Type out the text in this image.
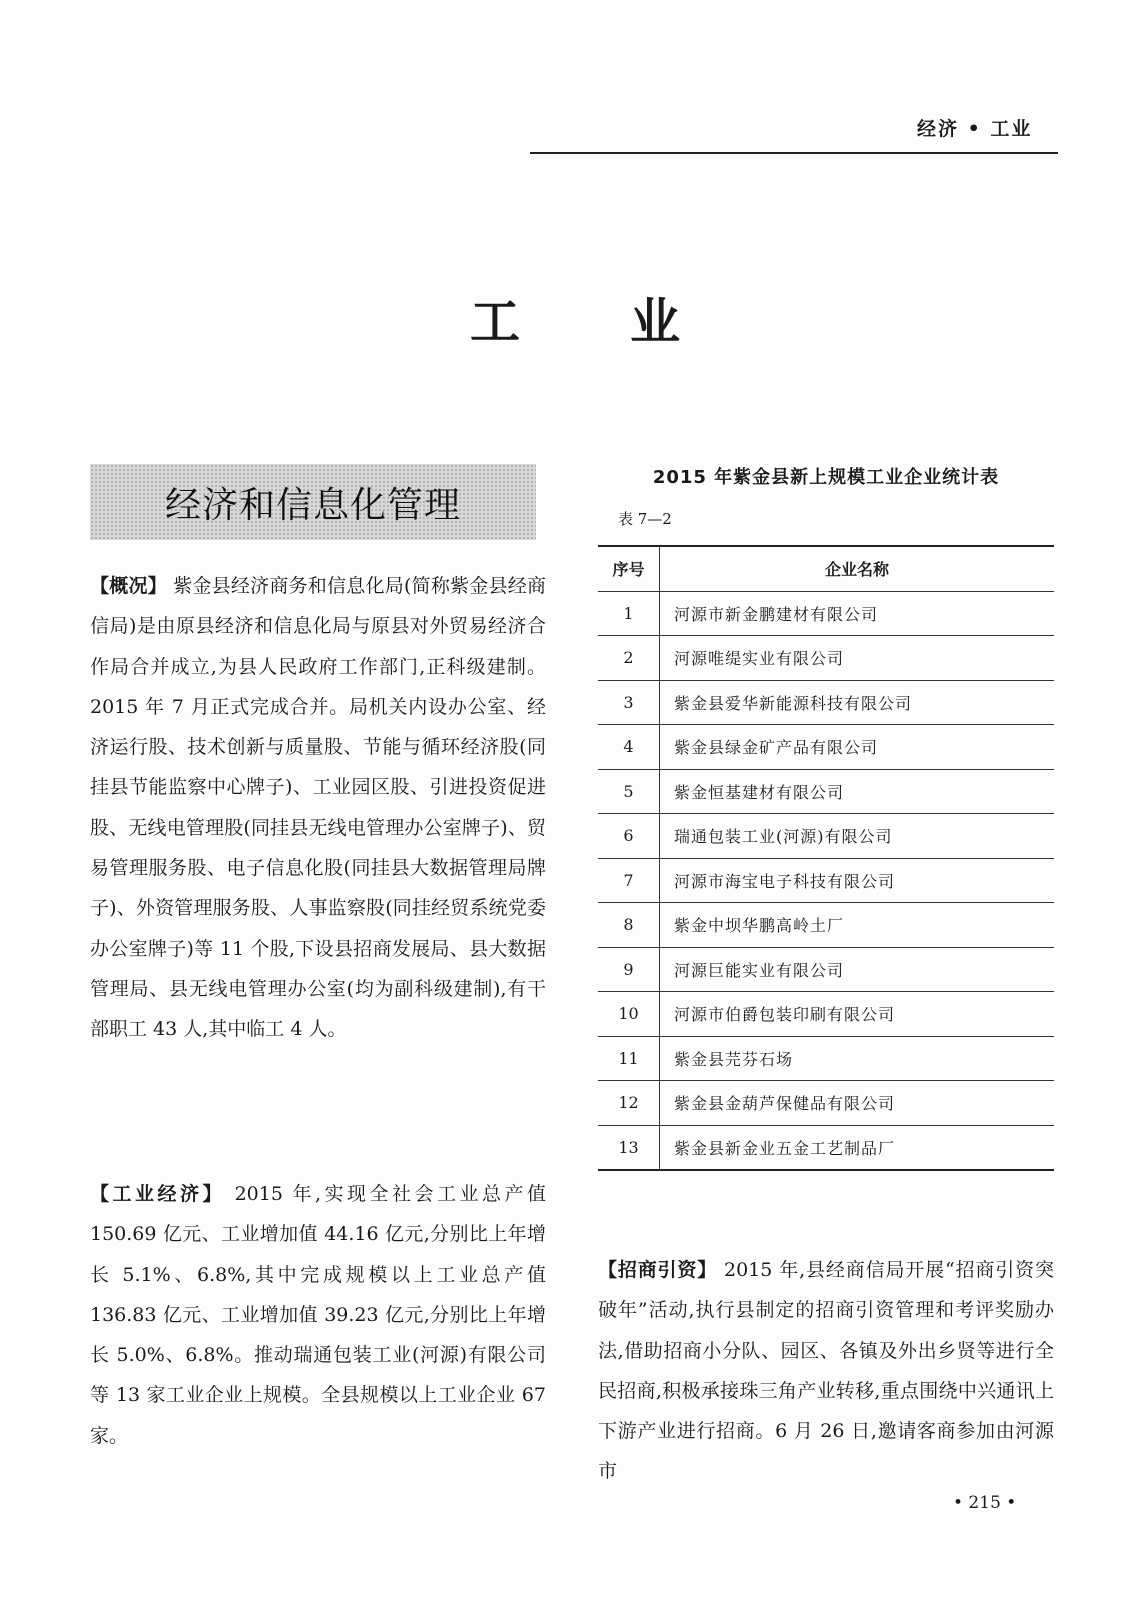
经济 • 工业
工 业
经济和信息化管理

【概况】 紫金县经济商务和信息化局(简称紫金县经商信局)是由原县经济和信息化局与原县对外贸易经济合作局合并成立,为县人民政府工作部门,正科级建制。2015 年 7 月正式完成合并。局机关内设办公室、经济运行股、技术创新与质量股、节能与循环经济股(同挂县节能监察中心牌子)、工业园区股、引进投资促进股、无线电管理股(同挂县无线电管理办公室牌子)、贸易管理服务股、电子信息化股(同挂县大数据管理局牌子)、外资管理服务股、人事监察股(同挂经贸系统党委办公室牌子)等 11 个股,下设县招商发展局、县大数据管理局、县无线电管理办公室(均为副科级建制),有干部职工 43 人,其中临工 4 人。

【工业经济】 2015 年,实现全社会工业总产值 150.69 亿元、工业增加值 44.16 亿元,分别比上年增长 5.1%、6.8%,其中完成规模以上工业总产值 136.83 亿元、工业增加值 39.23 亿元,分别比上年增长 5.0%、6.8%。推动瑞通包装工业(河源)有限公司等 13 家工业企业上规模。全县规模以上工业企业 67 家。

【招商引资】 2015 年,县经商信局开展“招商引资突破年”活动,执行县制定的招商引资管理和考评奖励办法,借助招商小分队、园区、各镇及外出乡贤等进行全民招商,积极承接珠三角产业转移,重点围绕中兴通讯上下游产业进行招商。6 月 26 日,邀请客商参加由河源市

2015 年紫金县新上规模工业企业统计表
表 7—2
序号	企业名称
1	河源市新金鹏建材有限公司
2	河源唯缇实业有限公司
3	紫金县爱华新能源科技有限公司
4	紫金县绿金矿产品有限公司
5	紫金恒基建材有限公司
6	瑞通包装工业(河源)有限公司
7	河源市海宝电子科技有限公司
8	紫金中坝华鹏高岭土厂
9	河源巨能实业有限公司
10	河源市伯爵包装印刷有限公司
11	紫金县芫芬石场
12	紫金县金葫芦保健品有限公司
13	紫金县新金业五金工艺制品厂
• 215 •
